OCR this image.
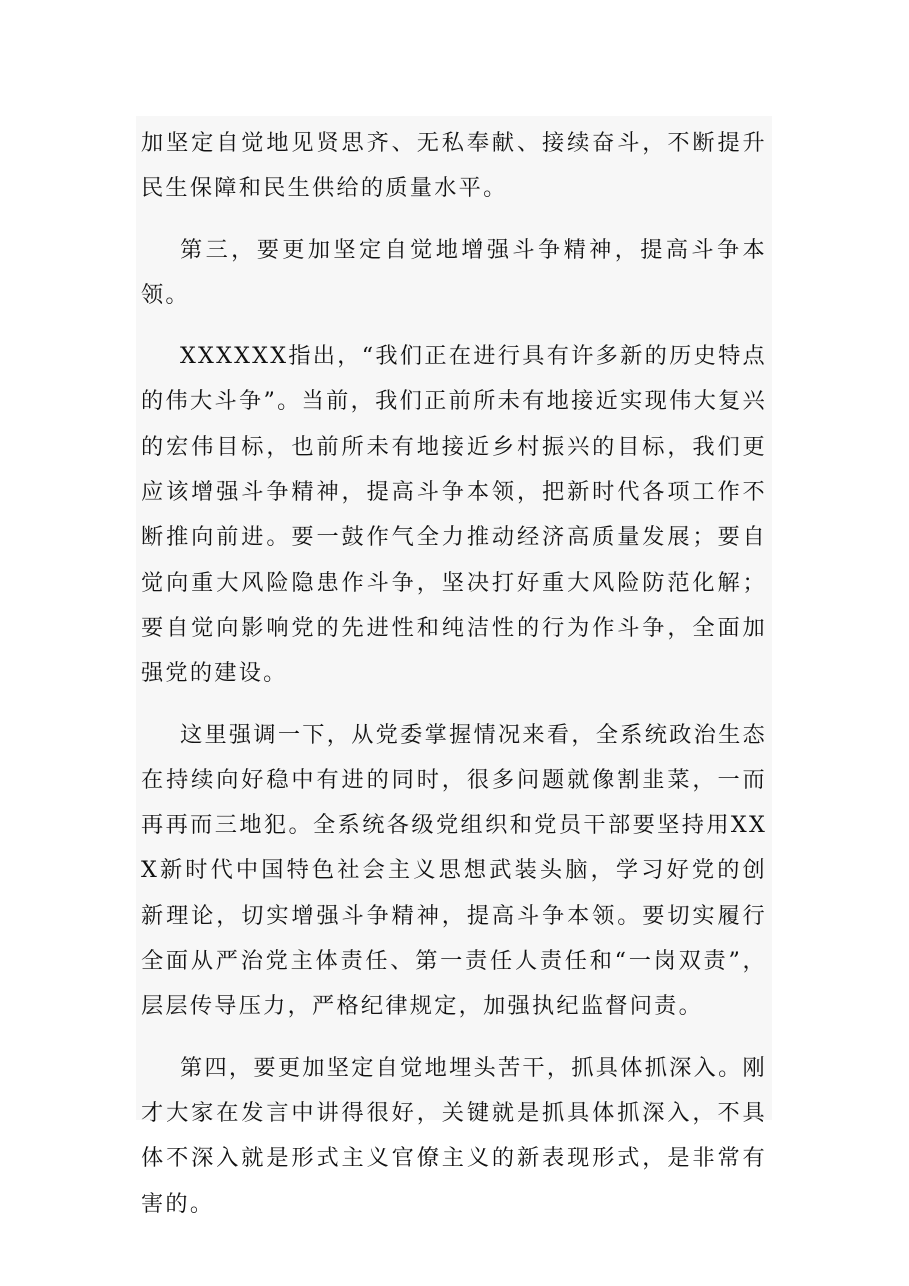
加坚定自觉地见贤思齐、无私奉献、接续奋斗，不断提升民生保障和民生供给的质量水平。

第三，要更加坚定自觉地增强斗争精神，提高斗争本领。

XXXXXX指出，“我们正在进行具有许多新的历史特点的伟大斗争”。当前，我们正前所未有地接近实现伟大复兴的宏伟目标，也前所未有地接近乡村振兴的目标，我们更应该增强斗争精神，提高斗争本领，把新时代各项工作不断推向前进。要一鼓作气全力推动经济高质量发展；要自觉向重大风险隐患作斗争，坚决打好重大风险防范化解；要自觉向影响党的先进性和纯洁性的行为作斗争，全面加强党的建设。

这里强调一下，从党委掌握情况来看，全系统政治生态在持续向好稳中有进的同时，很多问题就像割韭菜，一而再再而三地犯。全系统各级党组织和党员干部要坚持用XXX新时代中国特色社会主义思想武装头脑，学习好党的创新理论，切实增强斗争精神，提高斗争本领。要切实履行全面从严治党主体责任、第一责任人责任和“一岗双责”，层层传导压力，严格纪律规定，加强执纪监督问责。

第四，要更加坚定自觉地埋头苦干，抓具体抓深入。刚才大家在发言中讲得很好，关键就是抓具体抓深入，不具体不深入就是形式主义官僚主义的新表现形式，是非常有害的。
